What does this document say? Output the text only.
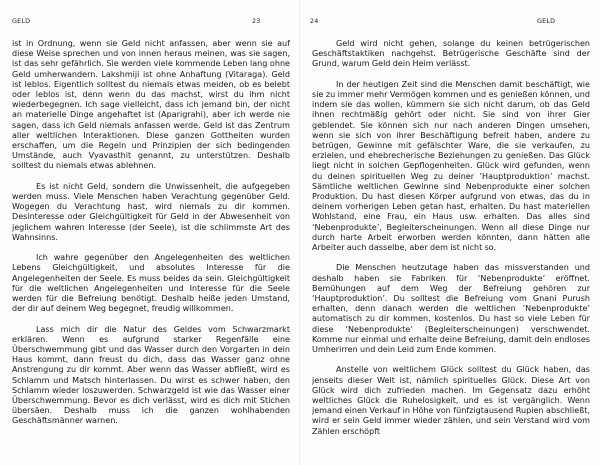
GELD	23

ist in Ordnung, wenn sie Geld nicht anfassen, aber wenn sie auf diese Weise sprechen und von innen heraus meinen, was sie sagen, ist das sehr gefährlich. Sie werden viele kommende Leben lang ohne Geld umherwandern. Lakshmiji ist ohne Anhaftung (Vitaraga). Geld ist leblos. Eigentlich solltest du niemals etwas meiden, ob es belebt oder leblos ist, denn wenn du das machst, wirst du ihm nicht wiederbegegnen. Ich sage vielleicht, dass ich jemand bin, der nicht an materielle Dinge angehaftet ist (Aparigrahi), aber ich werde nie sagen, dass ich Geld niemals anfassen werde. Geld ist das Zentrum aller weltlichen Interaktionen. Diese ganzen Gottheiten wurden erschaffen, um die Regeln und Prinzipien der sich bedingenden Umstände, auch Vyavasthit genannt, zu unterstützen. Deshalb solltest du niemals etwas ablehnen.

Es ist nicht Geld, sondern die Unwissenheit, die aufgegeben werden muss. Viele Menschen haben Verachtung gegenüber Geld. Wogegen du Verachtung hast, wird niemals zu dir kommen. Desinteresse oder Gleichgültigkeit für Geld in der Abwesenheit von jeglichem wahren Interesse (der Seele), ist die schlimmste Art des Wahnsinns.

Ich wahre gegenüber den Angelegenheiten des weltlichen Lebens Gleichgültigkeit, und absolutes Interesse für die Angelegenheiten der Seele. Es muss beides da sein. Gleichgültigkeit für die weltlichen Angelegenheiten und Interesse für die Seele werden für die Befreiung benötigt. Deshalb heiße jeden Umstand, der dir auf deinem Weg begegnet, freudig willkommen.

Lass mich dir die Natur des Geldes vom Schwarzmarkt erklären. Wenn es aufgrund starker Regenfälle eine Überschwemmung gibt und das Wasser durch den Vorgarten in dein Haus kommt, dann freust du dich, dass das Wasser ganz ohne Anstrengung zu dir kommt. Aber wenn das Wasser abfließt, wird es Schlamm und Matsch hinterlassen. Du wirst es schwer haben, den Schlamm wieder loszuwerden. Schwarzgeld ist wie das Wasser einer Überschwemmung. Bevor es dich verlässt, wird es dich mit Stichen übersäen. Deshalb muss ich die ganzen wohlhabenden Geschäftsmänner warnen.

24	GELD

Geld wird nicht gehen, solange du keinen betrügerischen Geschäftstaktiken nachgehst. Betrügerische Geschäfte sind der Grund, warum Geld dein Heim verlässt.

In der heutigen Zeit sind die Menschen damit beschäftigt, wie sie zu immer mehr Vermögen kommen und es genießen können, und indem sie das wollen, kümmern sie sich nicht darum, ob das Geld ihnen rechtmäßig gehört oder nicht. Sie sind von ihrer Gier geblendet. Sie können sich nur nach anderen Dingen umsehen, wenn sie sich von ihrer Beschäftigung befreit haben, andere zu betrügen, Gewinne mit gefälschter Ware, die sie verkaufen, zu erzielen, und ehebrecherische Beziehungen zu genießen. Das Glück liegt nicht in solchen Gepflogenheiten. Glück wird gefunden, wenn du deinen spirituellen Weg zu deiner ‘Hauptproduktion’ machst. Sämtliche weltlichen Gewinne sind Nebenprodukte einer solchen Produktion. Du hast diesen Körper aufgrund von etwas, das du in deinem vorherigen Leben getan hast, erhalten. Du hast materiellen Wohlstand, eine Frau, ein Haus usw. erhalten. Das alles sind ‘Nebenprodukte’, Begleiterscheinungen. Wenn all diese Dinge nur durch harte Arbeit erworben werden könnten, dann hätten alle Arbeiter auch dasselbe, aber dem ist nicht so.

Die Menschen heutzutage haben das missverstanden und deshalb haben sie Fabriken für ‘Nebenprodukte’ eröffnet. Bemühungen auf dem Weg der Befreiung gehören zur ‘Hauptproduktion’. Du solltest die Befreiung vom Gnani Purush erhalten, denn danach werden die weltlichen ‘Nebenprodukte’ automatisch zu dir kommen, kostenlos. Du hast so viele Leben für diese ‘Nebenprodukte’ (Begleiterscheinungen) verschwendet. Komme nur einmal und erhalte deine Befreiung, damit dein endloses Umherirren und dein Leid zum Ende kommen.

Anstelle von weltlichem Glück solltest du Glück haben, das jenseits dieser Welt ist, nämlich spirituelles Glück. Diese Art von Glück wird dich zufrieden machen. Im Gegensatz dazu erhöht weltliches Glück die Ruhelosigkeit, und es ist vergänglich. Wenn jemand einen Verkauf in Höhe von fünfzigtausend Rupien abschließt, wird er sein Geld immer wieder zählen, und sein Verstand wird vom Zählen erschöpft
